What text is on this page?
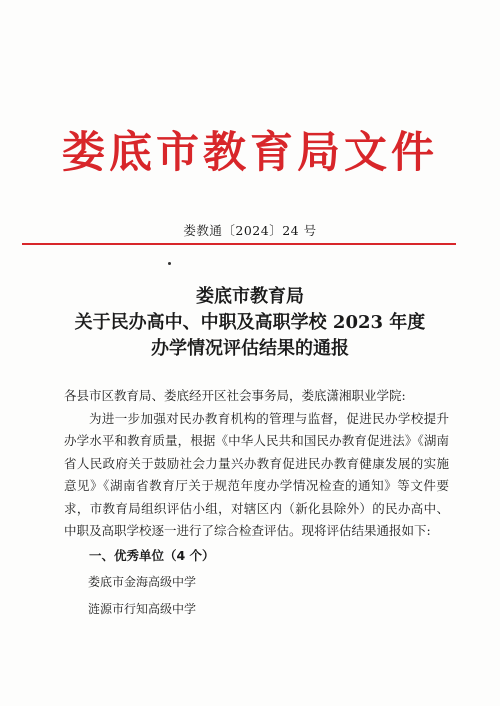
娄底市教育局文件
娄教通〔2024〕24 号
娄底市教育局
关于民办高中、中职及高职学校 2023 年度
办学情况评估结果的通报

各县市区教育局、娄底经开区社会事务局，娄底潇湘职业学院:

为进一步加强对民办教育机构的管理与监督，促进民办学校提升办学水平和教育质量，根据《中华人民共和国民办教育促进法》《湖南省人民政府关于鼓励社会力量兴办教育促进民办教育健康发展的实施意见》《湖南省教育厅关于规范年度办学情况检查的通知》等文件要求，市教育局组织评估小组，对辖区内（新化县除外）的民办高中、中职及高职学校逐一进行了综合检查评估。现将评估结果通报如下:

一、优秀单位（4 个）

娄底市金海高级中学

涟源市行知高级中学
